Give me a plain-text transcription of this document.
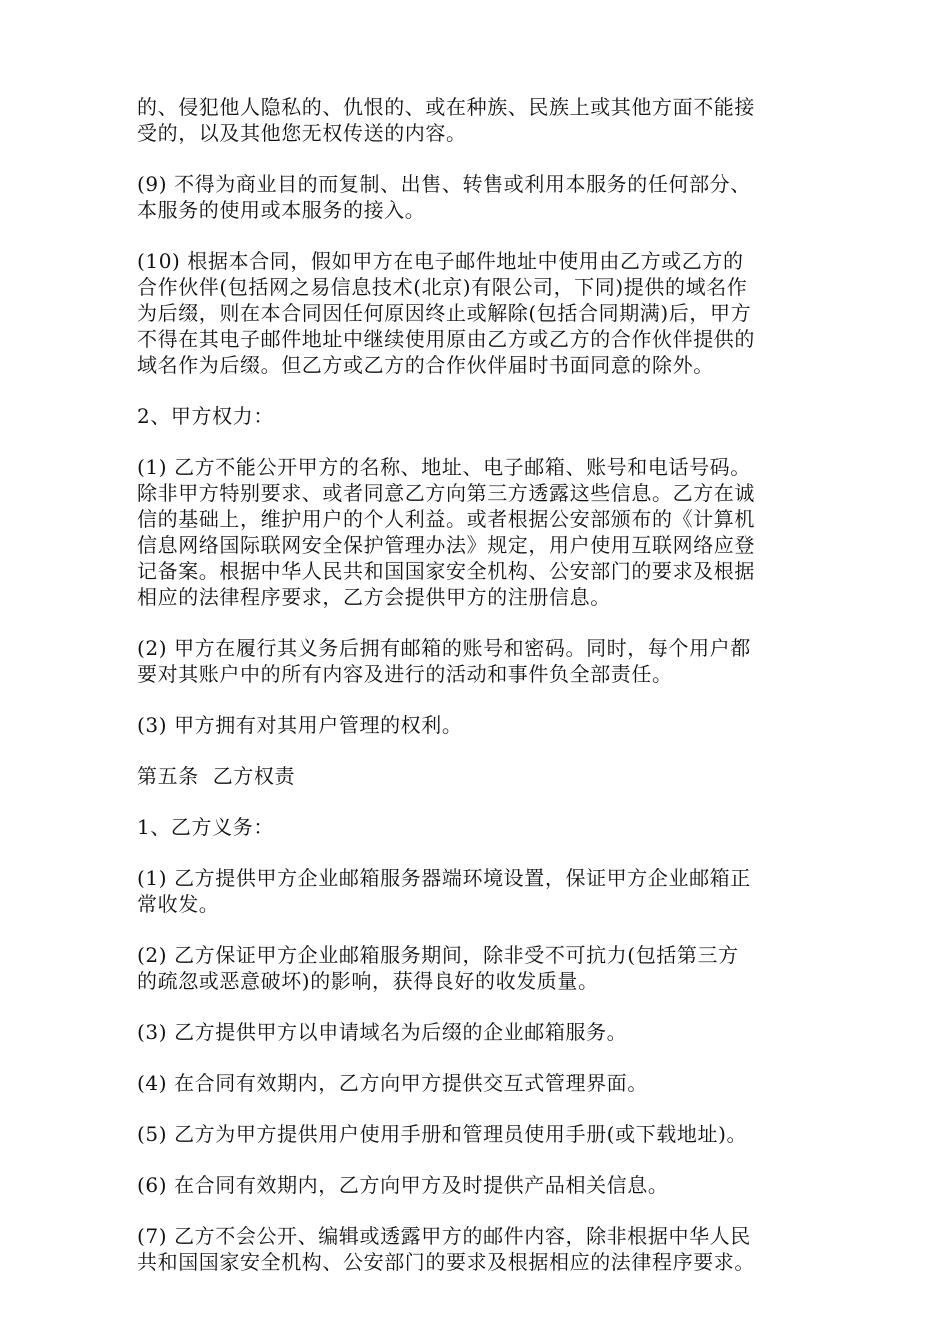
的、侵犯他人隐私的、仇恨的、或在种族、民族上或其他方面不能接
受的，以及其他您无权传送的内容。

(9) 不得为商业目的而复制、出售、转售或利用本服务的任何部分、
本服务的使用或本服务的接入。

(10) 根据本合同，假如甲方在电子邮件地址中使用由乙方或乙方的
合作伙伴(包括网之易信息技术(北京)有限公司，下同)提供的域名作
为后缀，则在本合同因任何原因终止或解除(包括合同期满)后，甲方
不得在其电子邮件地址中继续使用原由乙方或乙方的合作伙伴提供的
域名作为后缀。但乙方或乙方的合作伙伴届时书面同意的除外。

2、甲方权力：

(1) 乙方不能公开甲方的名称、地址、电子邮箱、账号和电话号码。
除非甲方特别要求、或者同意乙方向第三方透露这些信息。乙方在诚
信的基础上，维护用户的个人利益。或者根据公安部颁布的《计算机
信息网络国际联网安全保护管理办法》规定，用户使用互联网络应登
记备案。根据中华人民共和国国家安全机构、公安部门的要求及根据
相应的法律程序要求，乙方会提供甲方的注册信息。

(2) 甲方在履行其义务后拥有邮箱的账号和密码。同时，每个用户都
要对其账户中的所有内容及进行的活动和事件负全部责任。

(3) 甲方拥有对其用户管理的权利。

第五条  乙方权责

1、乙方义务：

(1) 乙方提供甲方企业邮箱服务器端环境设置，保证甲方企业邮箱正
常收发。

(2) 乙方保证甲方企业邮箱服务期间，除非受不可抗力(包括第三方
的疏忽或恶意破坏)的影响，获得良好的收发质量。

(3) 乙方提供甲方以申请域名为后缀的企业邮箱服务。

(4) 在合同有效期内，乙方向甲方提供交互式管理界面。

(5) 乙方为甲方提供用户使用手册和管理员使用手册(或下载地址)。

(6) 在合同有效期内，乙方向甲方及时提供产品相关信息。

(7) 乙方不会公开、编辑或透露甲方的邮件内容，除非根据中华人民
共和国国家安全机构、公安部门的要求及根据相应的法律程序要求。
